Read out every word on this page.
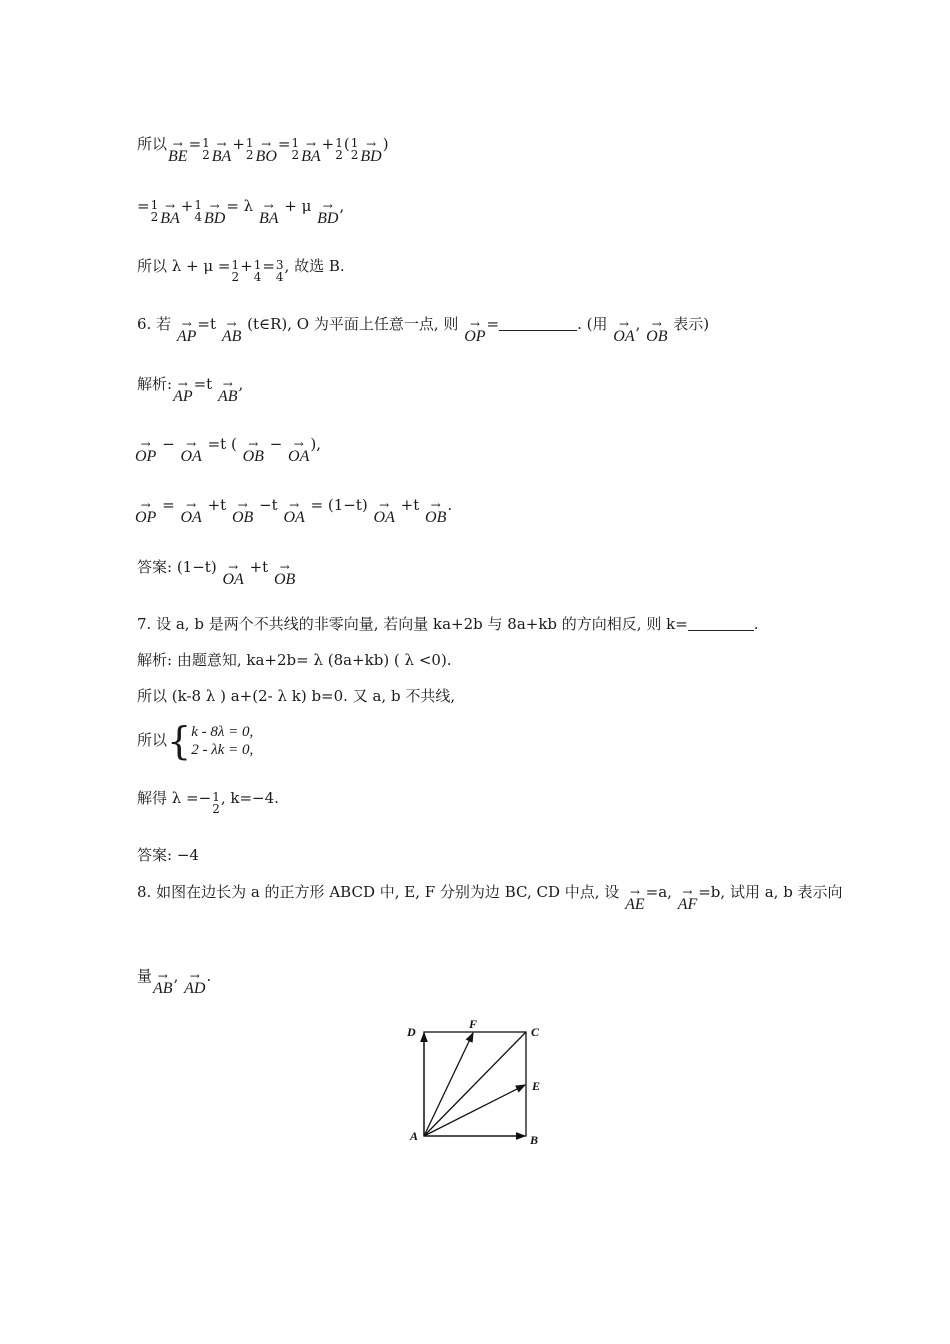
所以 →
BE
= 1
2
→
BA
+ 1
2
→
BO
= 1
2
→
BA
+ 1
2
( 1
2
→
BD
)
= 1
2
→
BA
+ 1
4
→
BD
= λ →
BA
+ μ →
BD
,
所以 λ + μ = 1
2
+ 1
4
= 3
4
, 故选 B.
6. 若 →
AP
=t →
AB
(t∈R), O 为平面上任意一点, 则 →
OP
=	. (用 →
OA
, →
OB
表示)
解析: →
AP
=t →
AB
,
→
OP
− →
OA
=t ( →
OB
− →
OA
),
→
OP
= →
OA
+t →
OB
−t →
OA
= (1−t) →
OA
+t →
OB
.
答案: (1−t) →
OA
+t →
OB
7. 设 a, b 是两个不共线的非零向量, 若向量 ka+2b 与 8a+kb 的方向相反, 则 k=	.
解析: 由题意知, ka+2b= λ (8a+kb) ( λ <0).
所以 (k-8 λ ) a+(2- λ k) b=0. 又 a, b 不共线,
所以{ k - 8λ = 0,
2 - λk = 0,
解得 λ =− 1
2
, k=−4.
答案: −4
8. 如图在边长为 a 的正方形 ABCD 中, E, F 分别为边 BC, CD 中点, 设 →
AE
=a, →
AF
=b, 试用 a, b 表示向
量 →
AB
, →
AD
.
D
F
C
E
A	B
